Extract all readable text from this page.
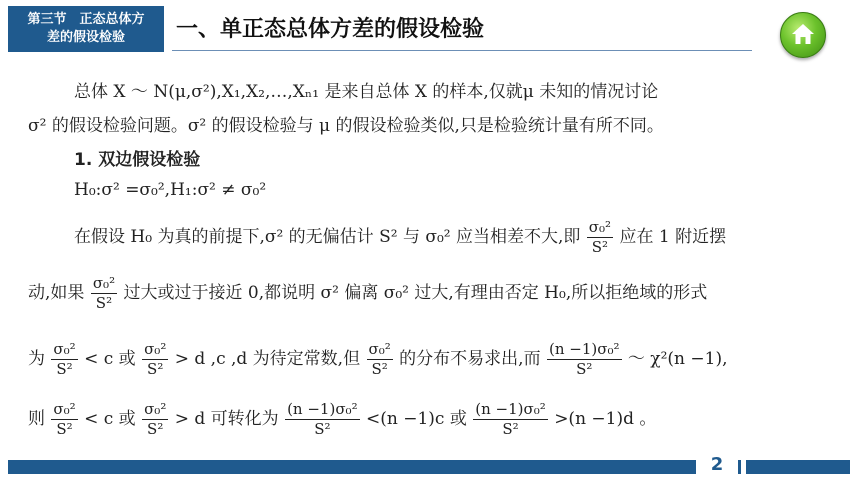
第三节　正态总体方
差的假设检验	一、单正态总体方差的假设检验
总体 X ～ N(μ,σ²),X₁,X₂,…,Xₙ₁ 是来自总体 X 的样本,仅就μ 未知的情况讨论
σ² 的假设检验问题。σ² 的假设检验与 μ 的假设检验类似,只是检验统计量有所不同。
1. 双边假设检验
H₀:σ² =σ₀²,H₁:σ² ≠ σ₀²
在假设 H₀ 为真的前提下,σ² 的无偏估计 S² 与 σ₀² 应当相差不大,即 $\frac{\text{σ₀²}}{\text{S²}}$ 应在 1 附近摆
动,如果 $\frac{\text{σ₀²}}{\text{S²}}$ 过大或过于接近 0,都说明 σ² 偏离 σ₀² 过大,有理由否定 H₀,所以拒绝域的形式
为 $\frac{\text{σ₀²}}{\text{S²}} < c$ 或 $\frac{\text{σ₀²}}{\text{S²}} > d$ ,c ,d 为待定常数,但 $\frac{\text{σ₀²}}{\text{S²}}$ 的分布不易求出,而 $\frac{\text{(n −1)σ₀²}}{\text{S²}}$ ～ χ²(n −1),
则 $\frac{\text{σ₀²}}{\text{S²}} < c$ 或 $\frac{\text{σ₀²}}{\text{S²}} > d$ 可转化为 $\frac{\text{(n −1)σ₀²}}{\text{S²}} <(n -1)c$ 或 $\frac{\text{(n −1)σ₀²}}{\text{S²}} >(n -1)d$ 。
2
